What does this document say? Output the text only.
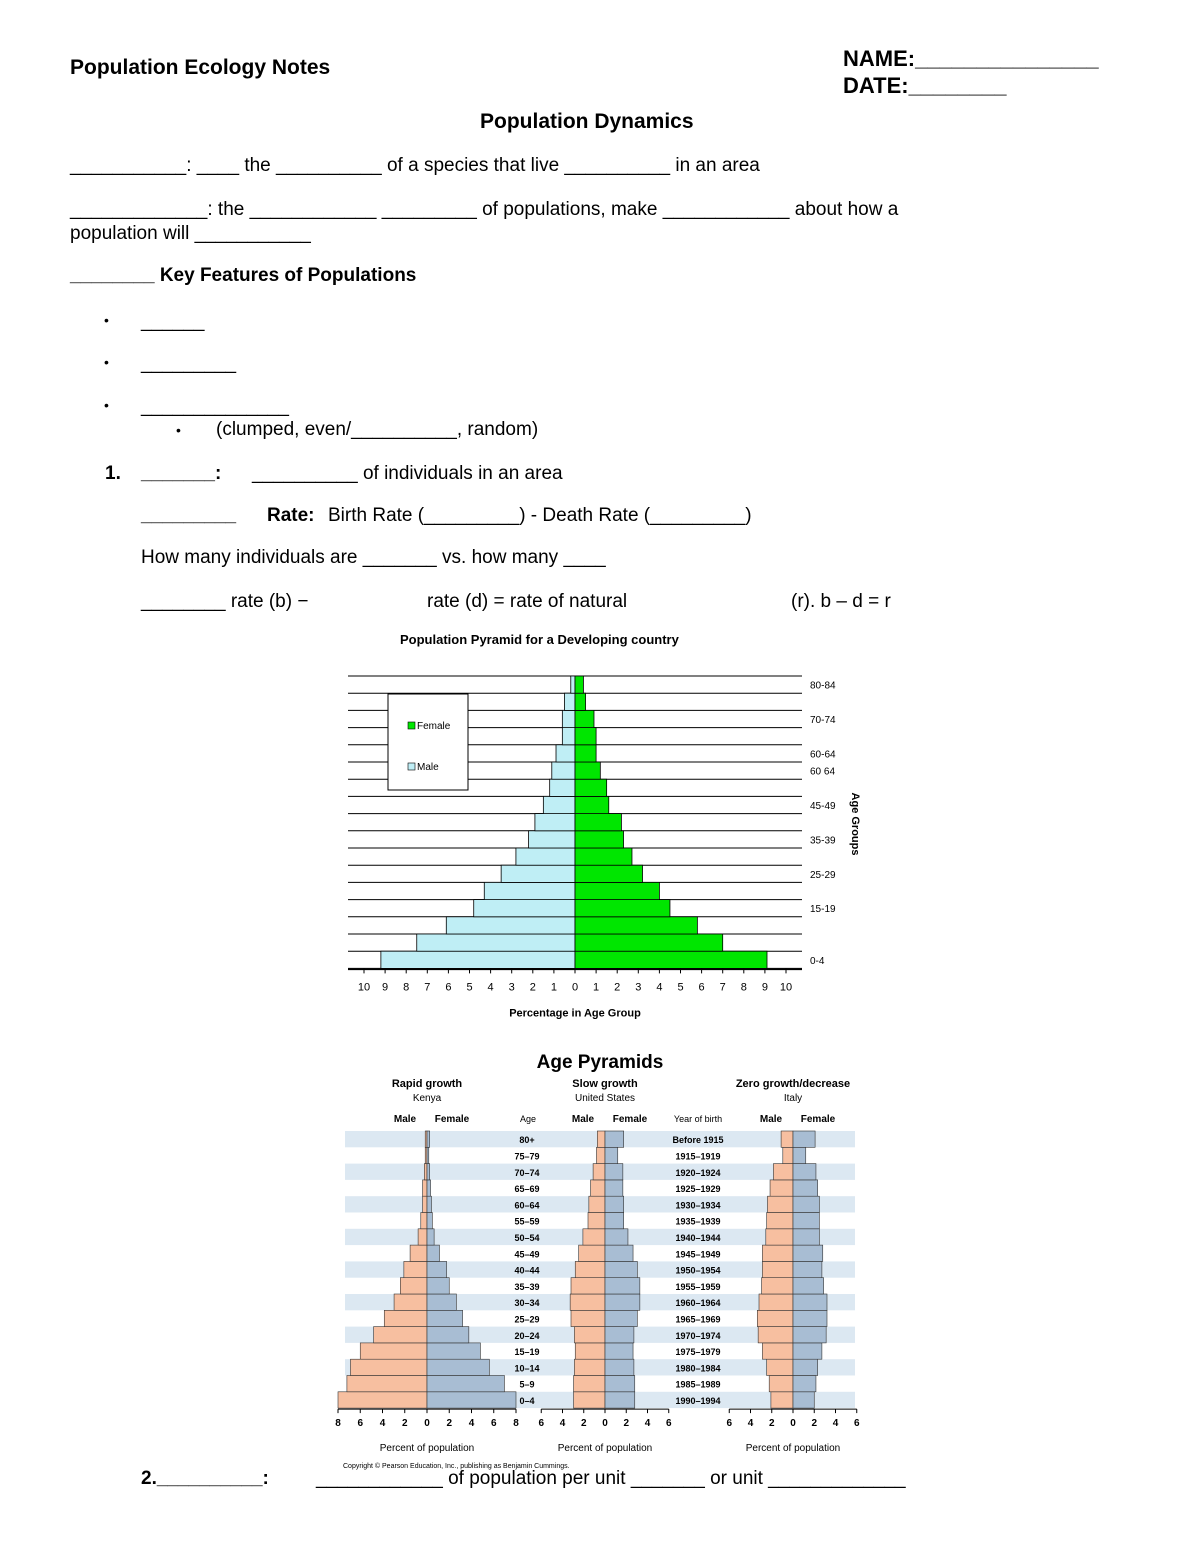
Population Ecology Notes	NAME:_______________
DATE:________
Population Dynamics
___________: ____ the __________ of a species that live __________ in an area
_____________: the ____________ _________ of populations, make ____________ about how a
population will ___________
________ Key Features of Populations
• ______
• _________
• ______________
• (clumped, even/__________, random)
1. _______: __________ of individuals in an area
_________ Rate: Birth Rate (_________) - Death Rate (_________)
How many individuals are _______ vs. how many ____
________ rate (b) −	rate (d) = rate of natural	(r). b – d = r
Population Pyramid for a Developing country
Female
Male
10 9 8 7 6 5 4 3 2 1 0 1 2 3 4 5 6 7 8 9 10
Percentage in Age Group
0-4
15-19
25-29
35-39
45-49
60 64
60-64
70-74
80-84
Age Groups
Age Pyramids
Rapid growth
Kenya
Male Female
8 6 4 2 0 2 4 6 8
Percent of population
Slow growth
United States
Male Female
6 4 2 0 2 4 6
Percent of population
Zero growth/decrease
Italy
Male Female
6 4 2 0 2 4 6
Percent of population
Age	Year of birth
0–4	1990–1994
5–9	1985–1989
10–14	1980–1984
15–19	1975–1979
20–24	1970–1974
25–29	1965–1969
30–34	1960–1964
35–39	1955–1959
40–44	1950–1954
45–49	1945–1949
50–54	1940–1944
55–59	1935–1939
60–64	1930–1934
65–69	1925–1929
70–74	1920–1924
75–79	1915–1919
80+	Before 1915
Copyright © Pearson Education, Inc., publishing as Benjamin Cummings.
2.__________: ____________ of population per unit _______ or unit _____________
